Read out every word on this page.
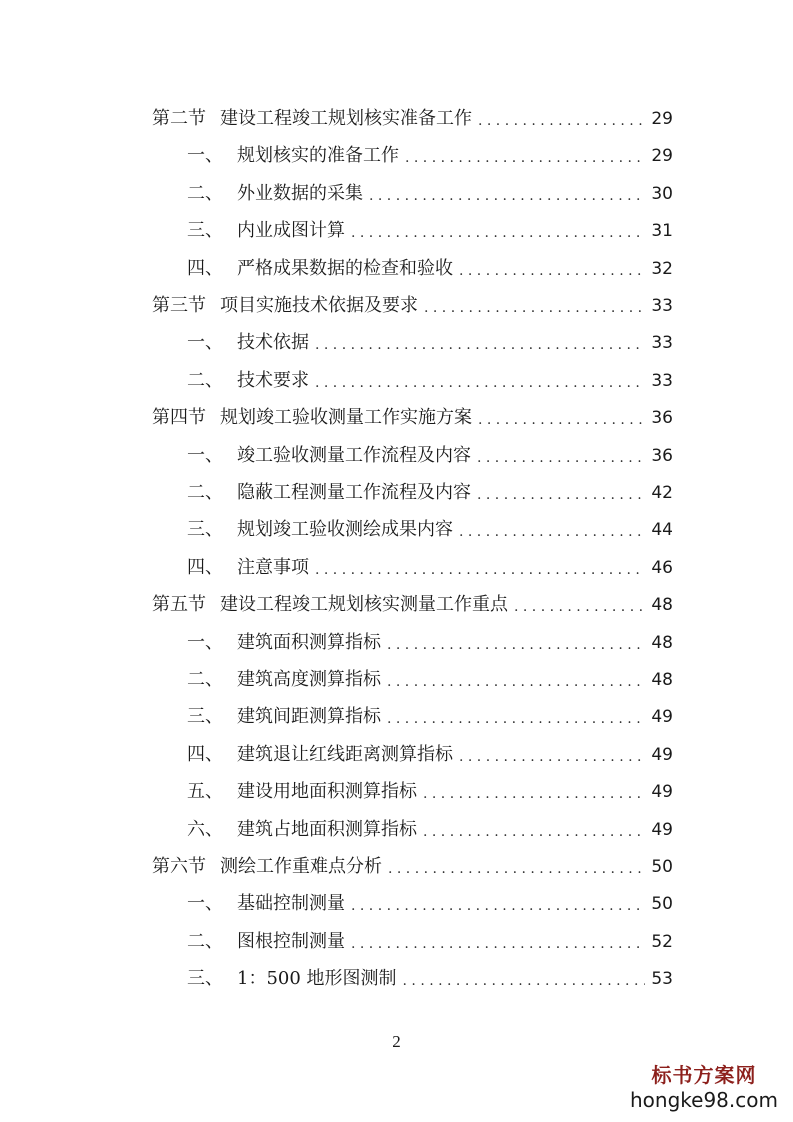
第二节 建设工程竣工规划核实准备工作 . . .	29
一、 规划核实的准备工作 . . .	29
二、 外业数据的采集 . . .	30
三、 内业成图计算 . . .	31
四、 严格成果数据的检查和验收 . . .	32
第三节 项目实施技术依据及要求 . . .	33
一、 技术依据 . . .	33
二、 技术要求 . . .	33
第四节 规划竣工验收测量工作实施方案 . . .	36
一、 竣工验收测量工作流程及内容 . . .	36
二、 隐蔽工程测量工作流程及内容 . . .	42
三、 规划竣工验收测绘成果内容 . . .	44
四、 注意事项 . . .	46
第五节 建设工程竣工规划核实测量工作重点 . . .	48
一、 建筑面积测算指标 . . .	48
二、 建筑高度测算指标 . . .	48
三、 建筑间距测算指标 . . .	49
四、 建筑退让红线距离测算指标 . . .	49
五、 建设用地面积测算指标 . . .	49
六、 建筑占地面积测算指标 . . .	49
第六节 测绘工作重难点分析 . . .	50
一、 基础控制测量 . . .	50
二、 图根控制测量 . . .	52
三、 1：500 地形图测制 . . .	53
2
标书方案网
hongke98.com
